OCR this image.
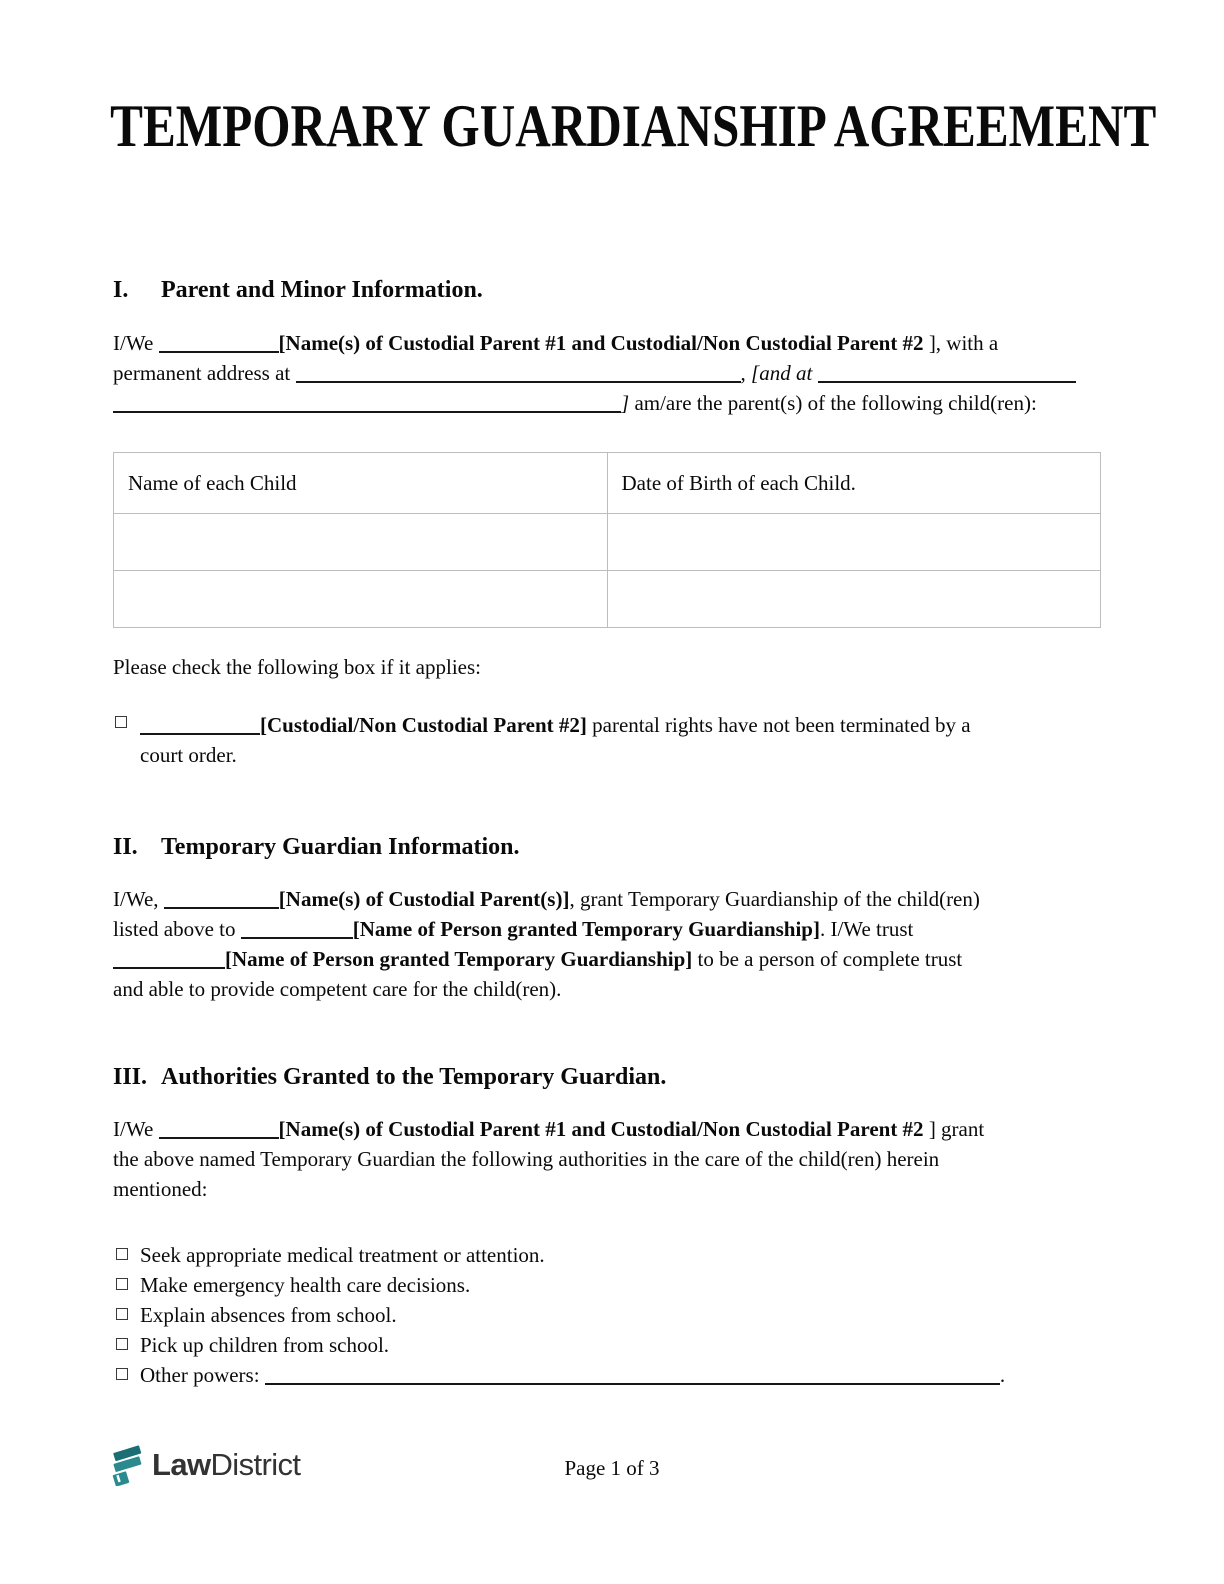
TEMPORARY GUARDIANSHIP AGREEMENT
I. Parent and Minor Information.
I/We	[Name(s) of Custodial Parent #1 and Custodial/Non Custodial Parent #2 ], with a
permanent address at	, [and at
] am/are the parent(s) of the following child(ren):
Name of each Child	Date of Birth of each Child.

Please check the following box if it applies:
[Custodial/Non Custodial Parent #2] parental rights have not been terminated by a
court order.
II. Temporary Guardian Information.
I/We,	[Name(s) of Custodial Parent(s)], grant Temporary Guardianship of the child(ren)
listed above to	[Name of Person granted Temporary Guardianship]. I/We trust
[Name of Person granted Temporary Guardianship] to be a person of complete trust
and able to provide competent care for the child(ren).
III. Authorities Granted to the Temporary Guardian.
I/We	[Name(s) of Custodial Parent #1 and Custodial/Non Custodial Parent #2 ] grant
the above named Temporary Guardian the following authorities in the care of the child(ren) herein
mentioned:
Seek appropriate medical treatment or attention.
Make emergency health care decisions.
Explain absences from school.
Pick up children from school.
Other powers:	.
LawDistrict	Page 1 of 3
